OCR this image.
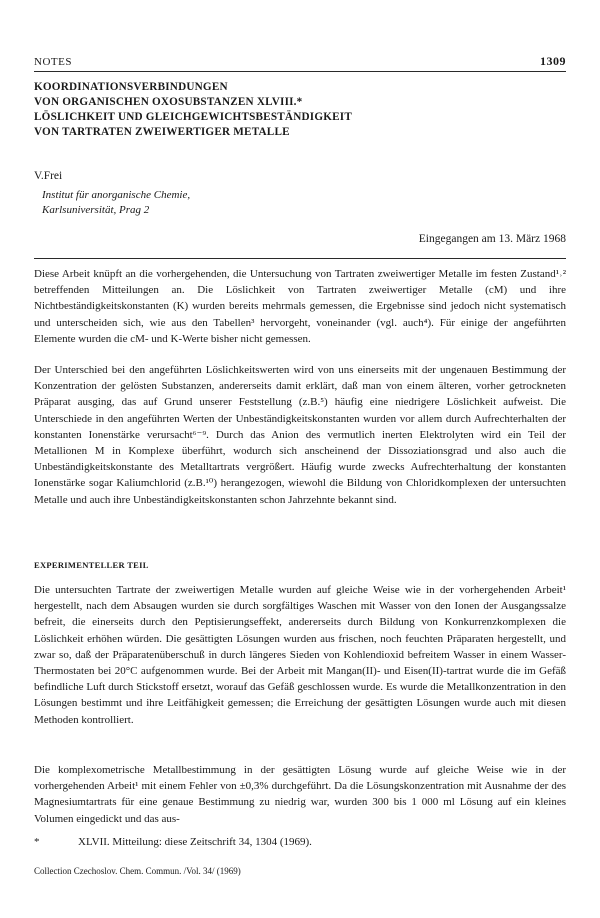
NOTES	1309
KOORDINATIONSVERBINDUNGEN
VON ORGANISCHEN OXOSUBSTANZEN XLVIII.*
LÖSLICHKEIT UND GLEICHGEWICHTSBESTÄNDIGKEIT
VON TARTRATEN ZWEIWERTIGER METALLE
V.Frei
Institut für anorganische Chemie,
Karlsuniversität, Prag 2
Eingegangen am 13. März 1968

Diese Arbeit knüpft an die vorhergehenden, die Untersuchung von Tartraten zweiwertiger Metalle im festen Zustand¹˒² betreffenden Mitteilungen an. Die Löslichkeit von Tartraten zweiwertiger Metalle (cM) und ihre Nichtbeständigkeitskonstanten (K) wurden bereits mehrmals gemessen, die Ergebnisse sind jedoch nicht systematisch und unterscheiden sich, wie aus den Tabellen³ hervorgeht, voneinander (vgl. auch⁴). Für einige der angeführten Elemente wurden die cM- und K-Werte bisher nicht gemessen.

Der Unterschied bei den angeführten Löslichkeitswerten wird von uns einerseits mit der ungenauen Bestimmung der Konzentration der gelösten Substanzen, andererseits damit erklärt, daß man von einem älteren, vorher getrockneten Präparat ausging, das auf Grund unserer Feststellung (z.B.⁵) häufig eine niedrigere Löslichkeit aufweist. Die Unterschiede in den angeführten Werten der Unbeständigkeitskonstanten wurden vor allem durch Aufrechterhalten der konstanten Ionenstärke verursacht⁶⁻⁹. Durch das Anion des vermutlich inerten Elektrolyten wird ein Teil der Metallionen M in Komplexe überführt, wodurch sich anscheinend der Dissoziationsgrad und also auch die Unbeständigkeitskonstante des Metalltartrats vergrößert. Häufig wurde zwecks Aufrechterhaltung der konstanten Ionenstärke sogar Kaliumchlorid (z.B.¹⁰) herangezogen, wiewohl die Bildung von Chloridkomplexen der untersuchten Metalle und auch ihre Unbeständigkeitskonstanten schon Jahrzehnte bekannt sind.

EXPERIMENTELLER TEIL

Die untersuchten Tartrate der zweiwertigen Metalle wurden auf gleiche Weise wie in der vorhergehenden Arbeit¹ hergestellt, nach dem Absaugen wurden sie durch sorgfältiges Waschen mit Wasser von den Ionen der Ausgangssalze befreit, die einerseits durch den Peptisierungseffekt, andererseits durch Bildung von Konkurrenzkomplexen die Löslichkeit erhöhen würden. Die gesättigten Lösungen wurden aus frischen, noch feuchten Präparaten hergestellt, und zwar so, daß der Präparatenüberschuß in durch längeres Sieden von Kohlendioxid befreitem Wasser in einem Wasser-Thermostaten bei 20°C aufgenommen wurde. Bei der Arbeit mit Mangan(II)- und Eisen(II)-tartrat wurde die im Gefäß befindliche Luft durch Stickstoff ersetzt, worauf das Gefäß geschlossen wurde. Es wurde die Metallkonzentration in den Lösungen bestimmt und ihre Leitfähigkeit gemessen; die Erreichung der gesättigten Lösungen wurde auch mit diesen Methoden kontrolliert.

Die komplexometrische Metallbestimmung in der gesättigten Lösung wurde auf gleiche Weise wie in der vorhergehenden Arbeit¹ mit einem Fehler von ±0,3% durchgeführt. Da die Lösungskonzentration mit Ausnahme der des Magnesiumtartrats für eine genaue Bestimmung zu niedrig war, wurden 300 bis 1 000 ml Lösung auf ein kleines Volumen eingedickt und das aus-

*	XLVII. Mitteilung: diese Zeitschrift 34, 1304 (1969).
Collection Czechoslov. Chem. Commun. /Vol. 34/ (1969)
